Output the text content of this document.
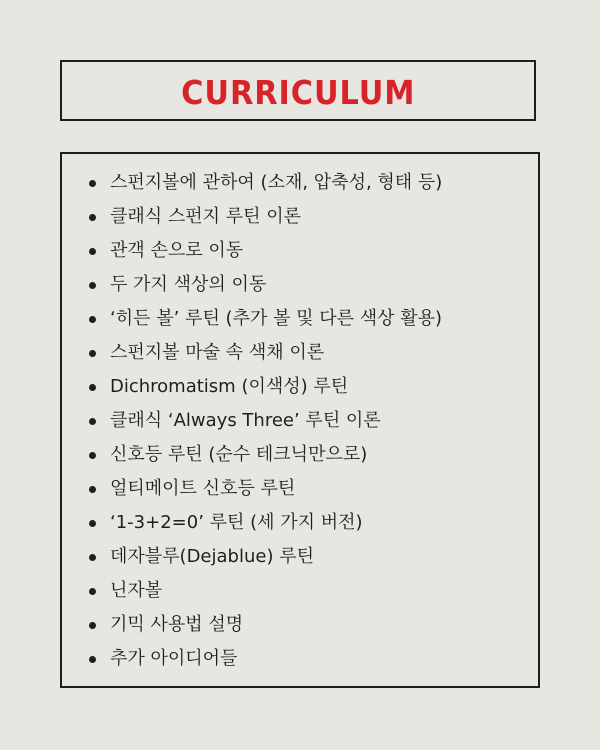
CURRICULUM
스펀지볼에 관하여 (소재, 압축성, 형태 등)
클래식 스펀지 루틴 이론
관객 손으로 이동
두 가지 색상의 이동
‘히든 볼’ 루틴 (추가 볼 및 다른 색상 활용)
스펀지볼 마술 속 색채 이론
Dichromatism (이색성) 루틴
클래식 ‘Always Three’ 루틴 이론
신호등 루틴 (순수 테크닉만으로)
얼티메이트 신호등 루틴
‘1-3+2=0’ 루틴 (세 가지 버전)
데자블루(Dejablue) 루틴
닌자볼
기믹 사용법 설명
추가 아이디어들
